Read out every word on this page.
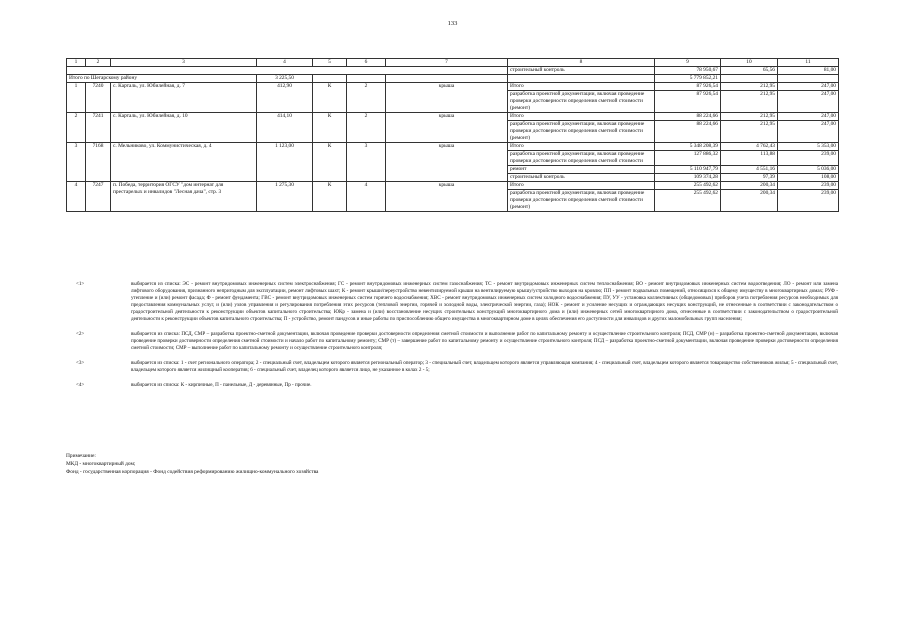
133
1	2	3	4	5	6	7	8	9	10	11
							строительный контроль	78 950,67	65,56	81,00
Итого по Шегарскому району			3 225,50					5 779 852,21		
1	7240	с. Карталь, ул. Юбилейная, д. 7	412,90	К	2	крыша	Итого	87 926,54	212,95	247,00
							разработка проектной документации, включая проведение проверки достоверности определения сметной стоимости (ремонт)	87 926,54	212,95	247,00
2	7241	с. Карталь, ул. Юбилейная, д. 10	414,10	К	2	крыша	Итого	88 224,66	212,95	247,00
							разработка проектной документации, включая проведение проверки достоверности определения сметной стоимости (ремонт)	88 224,66	212,95	247,00
3	7168	с. Мельниково, ул. Коммунистическая, д. 4	1 123,00	К	3	крыша	Итого	5 348 208,39	4 762,43	5 353,00
							разработка проектной документации, включая проведение проверки достоверности определения сметной стоимости	127 886,32	113,88	239,00
							ремонт	5 110 947,79	4 551,16	5 036,00
							строительный контроль	109 374,28	97,39	108,00
4	7247	п. Победа, территория ОГСУ "дом интернат для престарелых и инвалидов "Лесная дача", стр. 3	1 275,30	К	4	крыша	Итого	255 492,62	200,34	239,00
							разработка проектной документации, включая проведение проверки достоверности определения сметной стоимости (ремонт)	255 492,62	200,34	239,00
<1>	выбирается из списка: ЭС - ремонт внутридомовых инженерных систем электроснабжения; ГС - ремонт внутридомовых инженерных систем газоснабжения; ТС - ремонт внутридомовых инженерных систем теплоснабжения; ВО - ремонт внутридомовых инженерных систем водоотведения; ЛО - ремонт или замена лифтового оборудования, признанного непригодным для эксплуатации, ремонт лифтовых шахт; К - ремонт крыши/переустройство невентилируемой крыши на вентилируемую крышу/устройство выходов на кровлю; ПП - ремонт подвальных помещений, относящихся к общему имуществу в многоквартирных домах; РУФ - утепление и (или) ремонт фасада; Ф - ремонт фундамента; ГВС - ремонт внутридомовых инженерных систем горячего водоснабжения; ХВС - ремонт внутридомовых инженерных систем холодного водоснабжения; ПУ, УУ - установка коллективных (общедомовых) приборов учета потребления ресурсов необходимых для предоставления коммунальных услуг, и (или) узлов управления и регулирования потребления этих ресурсов (тепловой энергии, горячей и холодной воды, электрической энергии, газа); НОК - ремонт и усиление несущих и ограждающих несущих конструкций, не отнесенные в соответствии с законодательством о градостроительной деятельности к реконструкции объектов капитального строительства; ЮКр - замена и (или) восстановление несущих строительных конструкций многоквартирного дома и (или) инженерных сетей многоквартирного дома, отнесенные в соответствии с законодательством о градостроительной деятельности к реконструкции объектов капитального строительства; П - устройство, ремонт пандусов и иные работы по приспособлению общего имущества в многоквартирном доме в целях обеспечения его доступности для инвалидов и других маломобильных групп населения;
<2>	выбирается из списка: ПСД, СМР – разработка проектно-сметной документации, включая проведение проверки достоверности определения сметной стоимости и выполнение работ по капитальному ремонту и осуществление строительного контроля; ПСД, СМР (н) – разработка проектно-сметной документации, включая проведение проверки достоверности определения сметной стоимости и начало работ по капитальному ремонту; СМР (т) – завершение работ по капитальному ремонту и осуществление строительного контроля; ПСД – разработка проектно-сметной документации, включая проведение проверки достоверности определения сметной стоимости; СМР – выполнение работ по капитальному ремонту и осуществление строительного контроля;
<3>	выбирается из списка: 1 - счет регионального оператора; 2 - специальный счет, владельцем которого является региональный оператор; 3 - специальный счет, владельцем которого является управляющая компания; 4 - специальный счет, владельцем которого является товарищество собственников жилья; 5 - специальный счет, владельцем которого является жилищный кооператив; 6 - специальный счет, владелец которого является лицо, не указанное в колах 2 - 5;
<4>	выбирается из списка: К - кирпичные, П - панельные, Д - деревянные, Пр - прочие.
Примечание:
МКД - многоквартирный дом;
Фонд - государственная корпорация - Фонд содействия реформированию жилищно-коммунального хозяйства
